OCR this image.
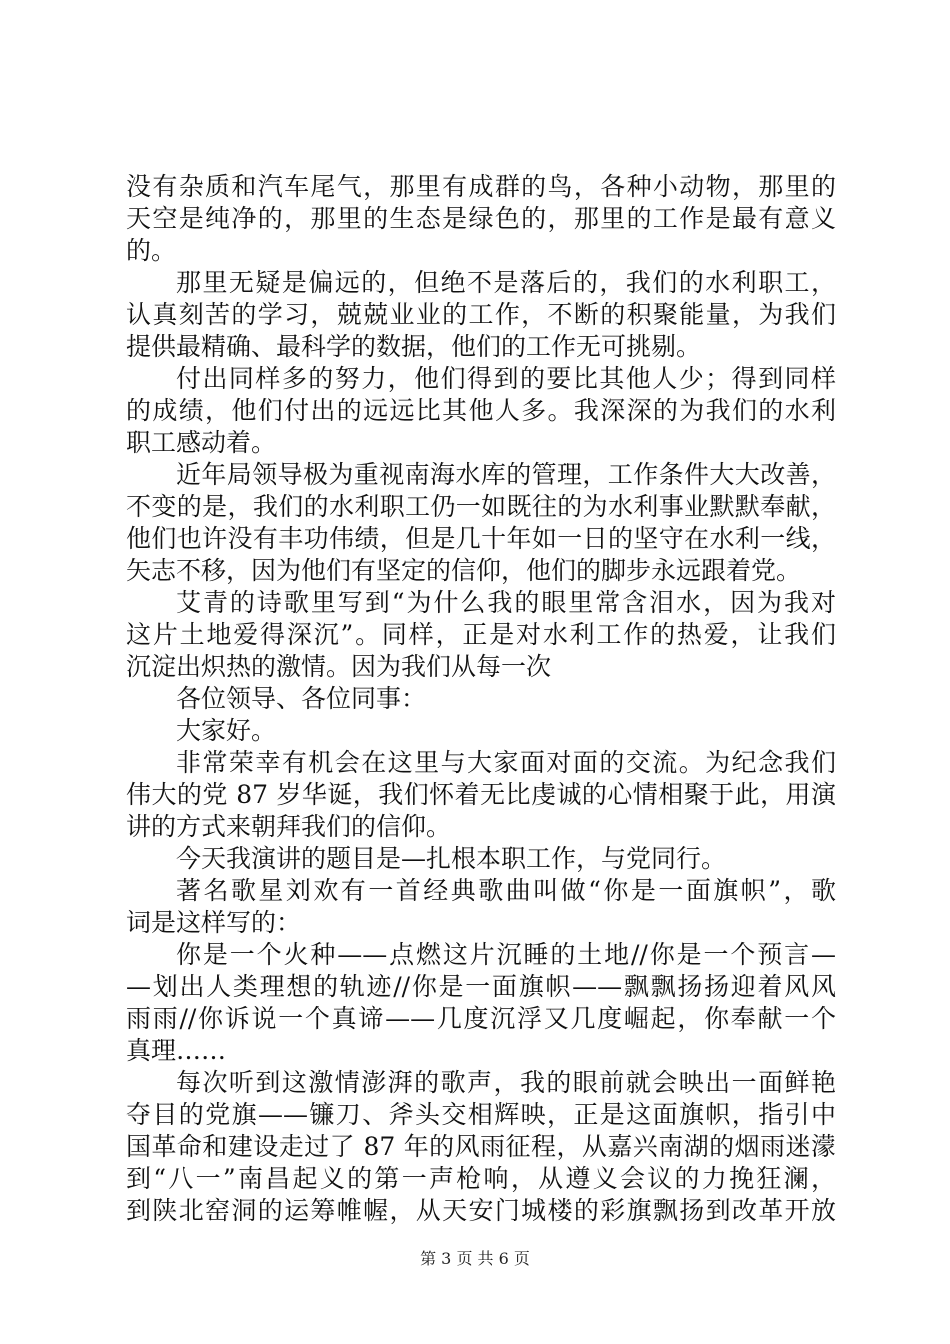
没有杂质和汽车尾气，那里有成群的鸟，各种小动物，那里的
天空是纯净的，那里的生态是绿色的，那里的工作是最有意义
的。
那里无疑是偏远的，但绝不是落后的，我们的水利职工，
认真刻苦的学习，兢兢业业的工作，不断的积聚能量，为我们
提供最精确、最科学的数据，他们的工作无可挑剔。
付出同样多的努力，他们得到的要比其他人少；得到同样
的成绩，他们付出的远远比其他人多。我深深的为我们的水利
职工感动着。
近年局领导极为重视南海水库的管理，工作条件大大改善，
不变的是，我们的水利职工仍一如既往的为水利事业默默奉献，
他们也许没有丰功伟绩，但是几十年如一日的坚守在水利一线，
矢志不移，因为他们有坚定的信仰，他们的脚步永远跟着党。
艾青的诗歌里写到“为什么我的眼里常含泪水，因为我对
这片土地爱得深沉”。同样，正是对水利工作的热爱，让我们
沉淀出炽热的激情。因为我们从每一次
各位领导、各位同事：
大家好。
非常荣幸有机会在这里与大家面对面的交流。为纪念我们
伟大的党 87 岁华诞，我们怀着无比虔诚的心情相聚于此，用演
讲的方式来朝拜我们的信仰。
今天我演讲的题目是—扎根本职工作，与党同行。
著名歌星刘欢有一首经典歌曲叫做“你是一面旗帜”，歌
词是这样写的：
你是一个火种——点燃这片沉睡的土地//你是一个预言—
—划出人类理想的轨迹//你是一面旗帜——飘飘扬扬迎着风风
雨雨//你诉说一个真谛——几度沉浮又几度崛起，你奉献一个
真理……
每次听到这激情澎湃的歌声，我的眼前就会映出一面鲜艳
夺目的党旗——镰刀、斧头交相辉映，正是这面旗帜，指引中
国革命和建设走过了 87 年的风雨征程，从嘉兴南湖的烟雨迷濛
到“八一”南昌起义的第一声枪响，从遵义会议的力挽狂澜，
到陕北窑洞的运筹帷幄，从天安门城楼的彩旗飘扬到改革开放
第 3 页 共 6 页
